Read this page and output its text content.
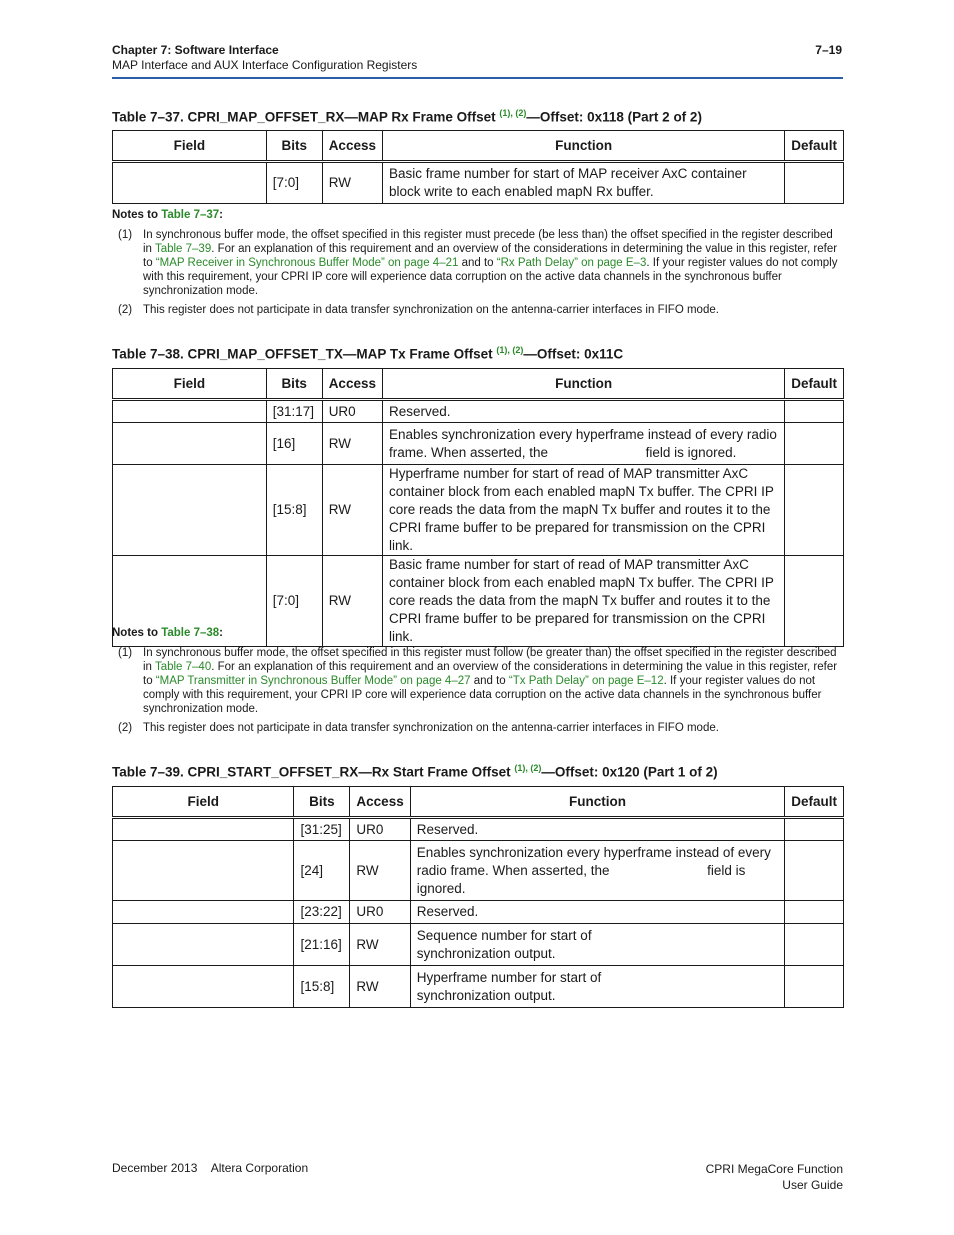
Chapter 7: Software Interface
MAP Interface and AUX Interface Configuration Registers
7–19
Table 7–37. CPRI_MAP_OFFSET_RX—MAP Rx Frame Offset $^{(1), (2)}$—Offset: 0x118 (Part 2 of 2)
Field	Bits	Access	Function	Default
	[7:0]	RW	Basic frame number for start of MAP receiver AxC container block write to each enabled mapN Rx buffer.	
Notes to Table 7–37:
(1) In synchronous buffer mode, the offset specified in this register must precede (be less than) the offset specified in the register described in Table 7–39. For an explanation of this requirement and an overview of the considerations in determining the value in this register, refer to “MAP Receiver in Synchronous Buffer Mode” on page 4–21 and to “Rx Path Delay” on page E–3. If your register values do not comply with this requirement, your CPRI IP core will experience data corruption on the active data channels in the synchronous buffer synchronization mode.
(2) This register does not participate in data transfer synchronization on the antenna-carrier interfaces in FIFO mode.
Table 7–38. CPRI_MAP_OFFSET_TX—MAP Tx Frame Offset $^{(1), (2)}$—Offset: 0x11C
Field	Bits	Access	Function	Default
	[31:17]	UR0	Reserved.	
	[16]	RW	Enables synchronization every hyperframe instead of every radio frame. When asserted, the                          field is ignored.	
	[15:8]	RW	Hyperframe number for start of read of MAP transmitter AxC container block from each enabled mapN Tx buffer. The CPRI IP core reads the data from the mapN Tx buffer and routes it to the CPRI frame buffer to be prepared for transmission on the CPRI link.	
	[7:0]	RW	Basic frame number for start of read of MAP transmitter AxC container block from each enabled mapN Tx buffer. The CPRI IP core reads the data from the mapN Tx buffer and routes it to the CPRI frame buffer to be prepared for transmission on the CPRI link.	
Notes to Table 7–38:
(1) In synchronous buffer mode, the offset specified in this register must follow (be greater than) the offset specified in the register described in Table 7–40. For an explanation of this requirement and an overview of the considerations in determining the value in this register, refer to “MAP Transmitter in Synchronous Buffer Mode” on page 4–27 and to “Tx Path Delay” on page E–12. If your register values do not comply with this requirement, your CPRI IP core will experience data corruption on the active data channels in the synchronous buffer synchronization mode.
(2) This register does not participate in data transfer synchronization on the antenna-carrier interfaces in FIFO mode.
Table 7–39. CPRI_START_OFFSET_RX—Rx Start Frame Offset $^{(1), (2)}$—Offset: 0x120 (Part 1 of 2)
Field	Bits	Access	Function	Default
	[31:25]	UR0	Reserved.	
	[24]	RW	Enables synchronization every hyperframe instead of every radio frame. When asserted, the                          field is ignored.	
	[23:22]	UR0	Reserved.	
	[21:16]	RW	Sequence number for start of synchronization output.	
	[15:8]	RW	Hyperframe number for start of synchronization output.	
December 2013 Altera Corporation	CPRI MegaCore Function
User Guide
